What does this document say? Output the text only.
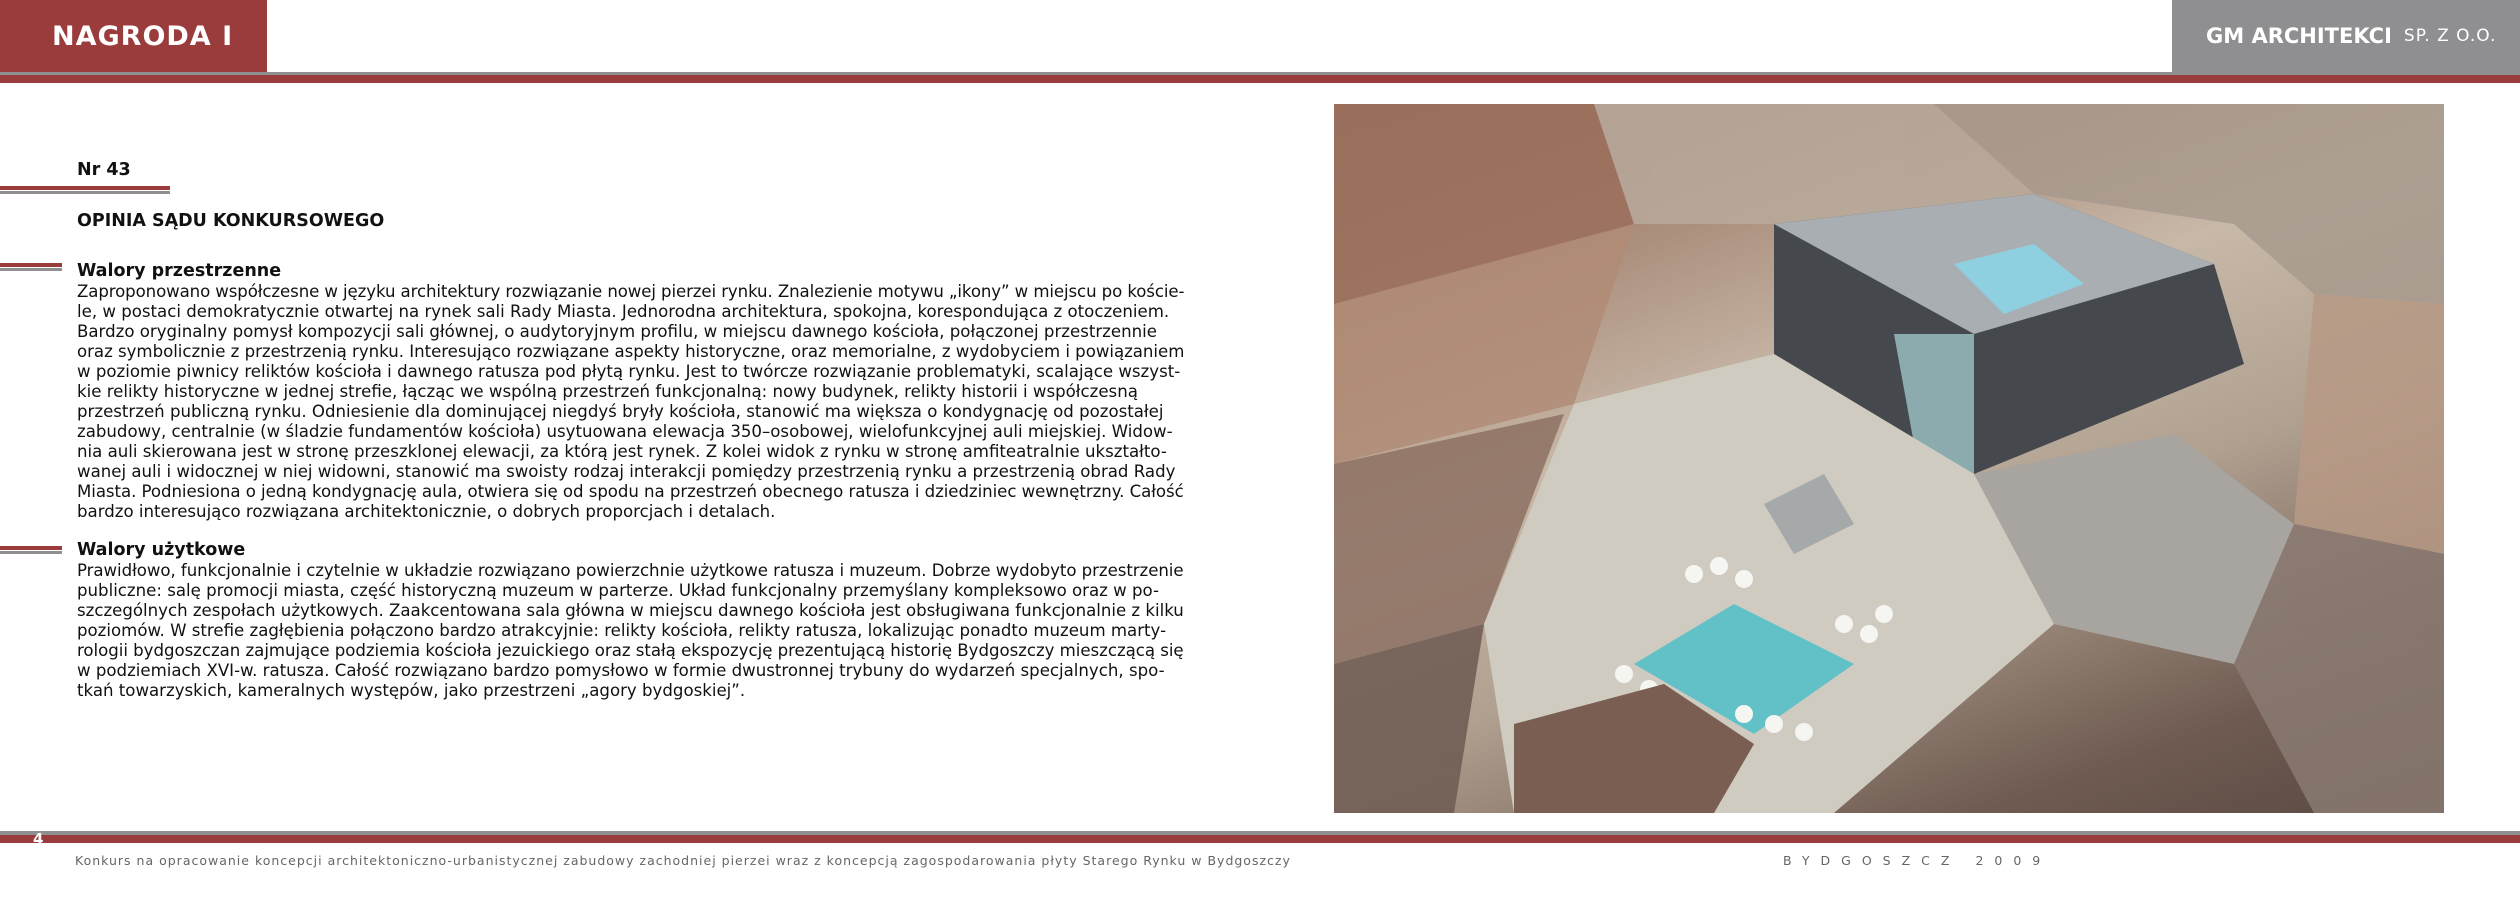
NAGRODA I	GM ARCHITEKCI SP. Z O.O.
Nr 43
OPINIA SĄDU KONKURSOWEGO
Walory przestrzenne
Zaproponowano współczesne w języku architektury rozwiązanie nowej pierzei rynku. Znalezienie motywu „ikony” w miejscu po koście-
le, w postaci demokratycznie otwartej na rynek sali Rady Miasta. Jednorodna architektura, spokojna, korespondująca z otoczeniem.
Bardzo oryginalny pomysł kompozycji sali głównej, o audytoryjnym profilu, w miejscu dawnego kościoła, połączonej przestrzennie
oraz symbolicznie z przestrzenią rynku. Interesująco rozwiązane aspekty historyczne, oraz memorialne, z wydobyciem i powiązaniem
w poziomie piwnicy reliktów kościoła i dawnego ratusza pod płytą rynku. Jest to twórcze rozwiązanie problematyki, scalające wszyst-
kie relikty historyczne w jednej strefie, łącząc we wspólną przestrzeń funkcjonalną: nowy budynek, relikty historii i współczesną
przestrzeń publiczną rynku. Odniesienie dla dominującej niegdyś bryły kościoła, stanowić ma większa o kondygnację od pozostałej
zabudowy, centralnie (w śladzie fundamentów kościoła) usytuowana elewacja 350–osobowej, wielofunkcyjnej auli miejskiej. Widow-
nia auli skierowana jest w stronę przeszklonej elewacji, za którą jest rynek. Z kolei widok z rynku w stronę amfiteatralnie ukształto-
wanej auli i widocznej w niej widowni, stanowić ma swoisty rodzaj interakcji pomiędzy przestrzenią rynku a przestrzenią obrad Rady
Miasta. Podniesiona o jedną kondygnację aula, otwiera się od spodu na przestrzeń obecnego ratusza i dziedziniec wewnętrzny. Całość
bardzo interesująco rozwiązana architektonicznie, o dobrych proporcjach i detalach.
Walory użytkowe
Prawidłowo, funkcjonalnie i czytelnie w układzie rozwiązano powierzchnie użytkowe ratusza i muzeum. Dobrze wydobyto przestrzenie
publiczne: salę promocji miasta, część historyczną muzeum w parterze. Układ funkcjonalny przemyślany kompleksowo oraz w po-
szczególnych zespołach użytkowych. Zaakcentowana sala główna w miejscu dawnego kościoła jest obsługiwana funkcjonalnie z kilku
poziomów. W strefie zagłębienia połączono bardzo atrakcyjnie: relikty kościoła, relikty ratusza, lokalizując ponadto muzeum marty-
rologii bydgoszczan zajmujące podziemia kościoła jezuickiego oraz stałą ekspozycję prezentującą historię Bydgoszczy mieszczącą się
w podziemiach XVI-w. ratusza. Całość rozwiązano bardzo pomysłowo w formie dwustronnej trybuny do wydarzeń specjalnych, spo-
tkań towarzyskich, kameralnych występów, jako przestrzeni „agory bydgoskiej”.
4
Konkurs na opracowanie koncepcji architektoniczno-urbanistycznej zabudowy zachodniej pierzei wraz z koncepcją zagospodarowania płyty Starego Rynku w Bydgoszczy	BYDGOSZCZ 2009
